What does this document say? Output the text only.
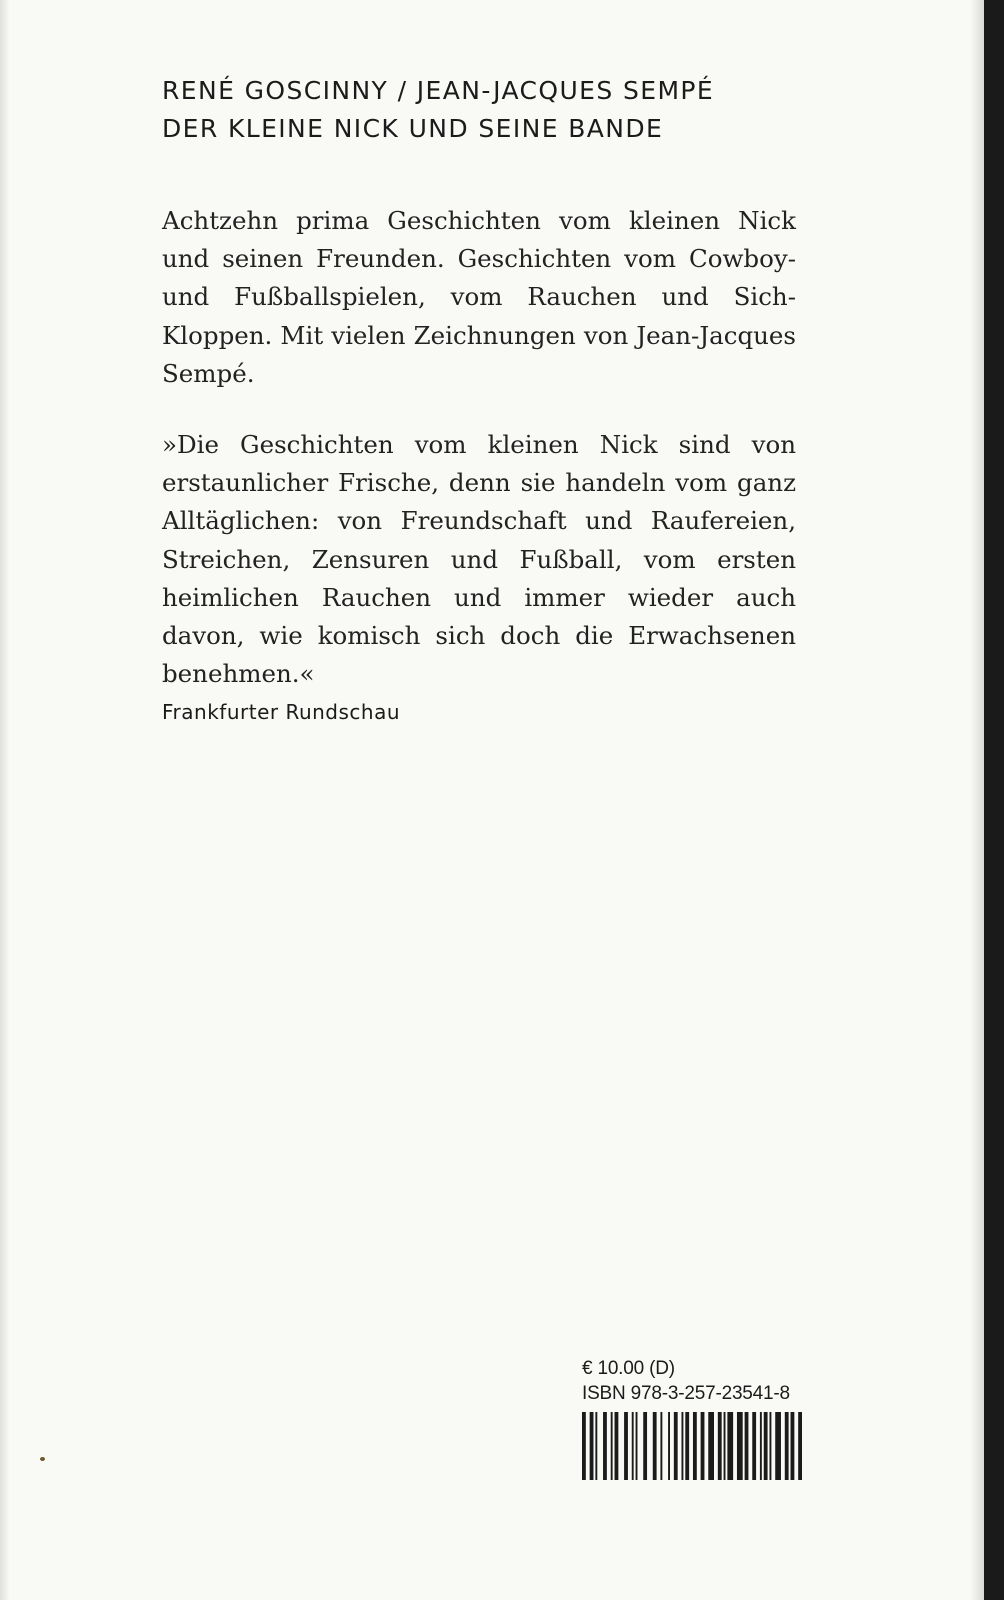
RENÉ GOSCINNY / JEAN-JACQUES SEMPÉ
DER KLEINE NICK UND SEINE BANDE

Achtzehn prima Geschichten vom kleinen Nick und seinen Freunden. Geschichten vom Cowboy- und Fußballspielen, vom Rauchen und Sich-Kloppen. Mit vielen Zeichnungen von Jean-Jacques Sempé.

»Die Geschichten vom kleinen Nick sind von erstaunlicher Frische, denn sie handeln vom ganz Alltäglichen: von Freundschaft und Raufereien, Streichen, Zensuren und Fußball, vom ersten heimlichen Rauchen und immer wieder auch davon, wie komisch sich doch die Erwachsenen benehmen.«

Frankfurter Rundschau

€ 10.00 (D)
ISBN 978-3-257-23541-8
